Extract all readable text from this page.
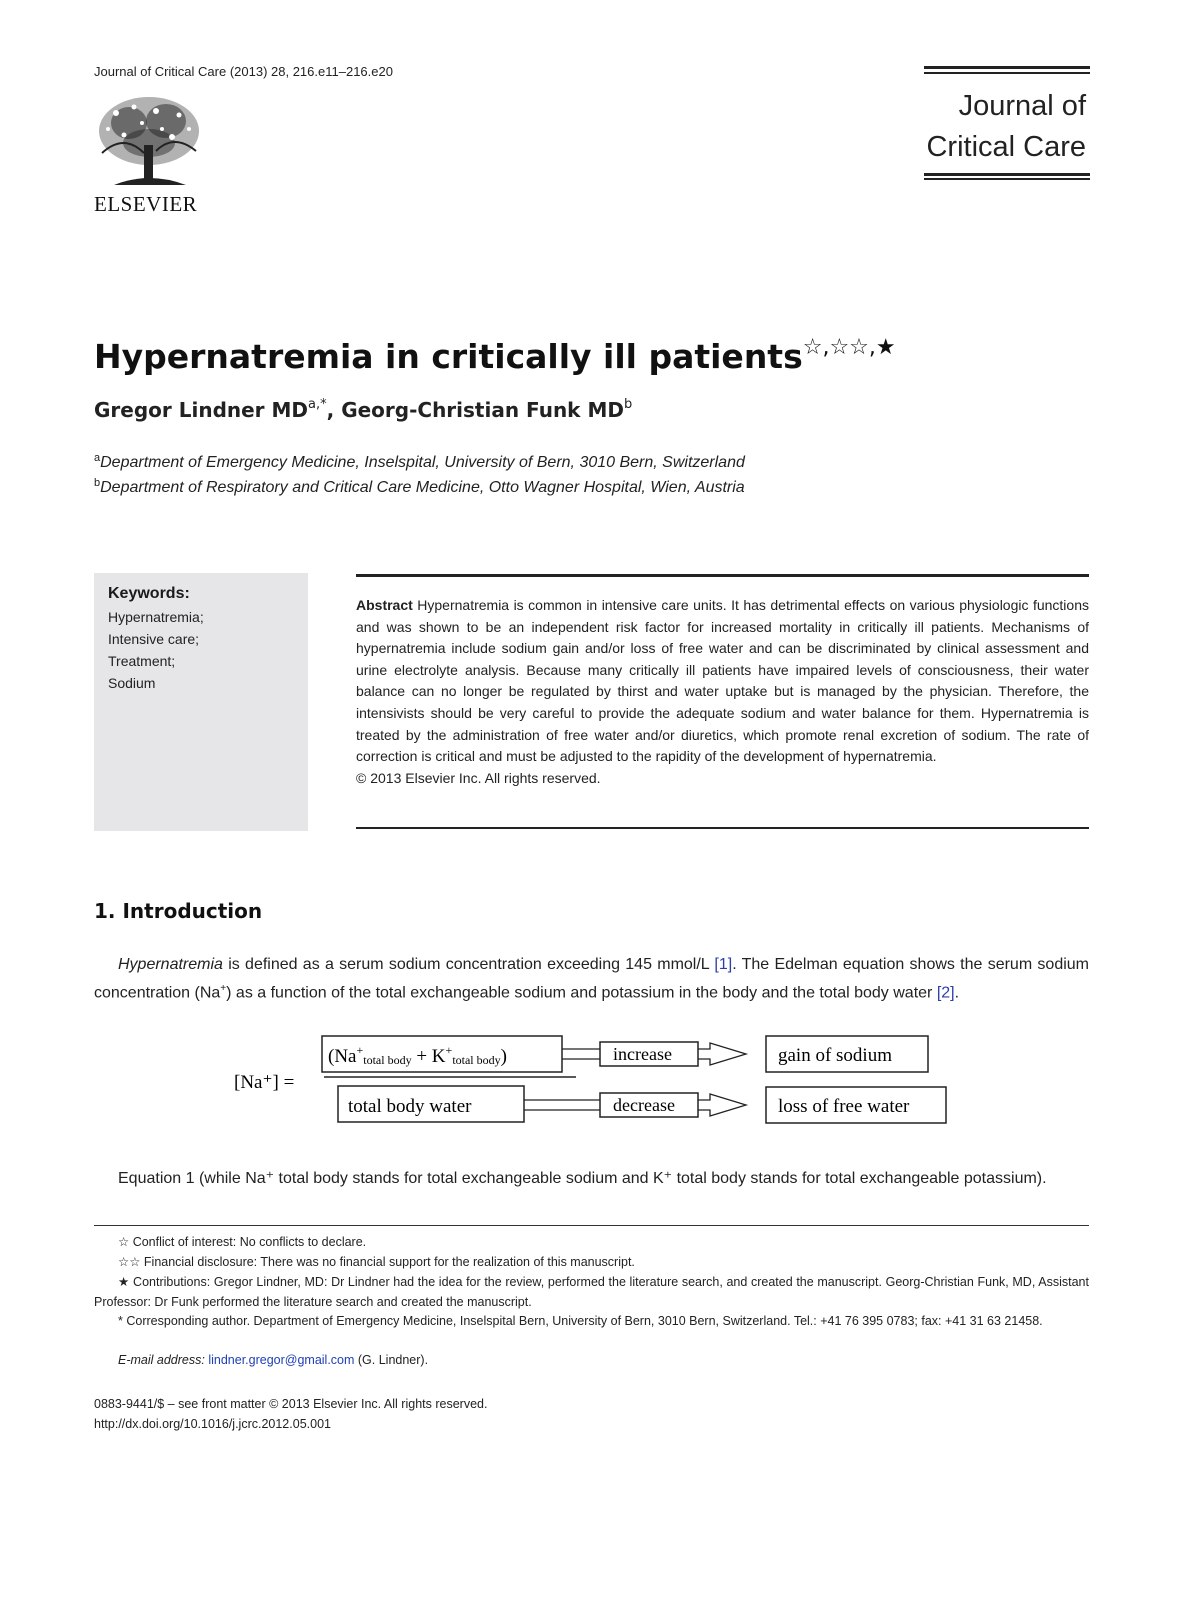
Journal of Critical Care (2013) 28, 216.e11–216.e20
ELSEVIER
Journal of
Critical Care
Hypernatremia in critically ill patients☆,☆☆,★
Gregor Lindner $MD^{a,*}$, Georg-Christian Funk $MD^b$
$^a$Department of Emergency Medicine, Inselspital, University of Bern, 3010 Bern, Switzerland
$^b$Department of Respiratory and Critical Care Medicine, Otto Wagner Hospital, Wien, Austria
Keywords:
Hypernatremia;
Intensive care;
Treatment;
Sodium
Abstract Hypernatremia is common in intensive care units. It has detrimental effects on various physiologic functions and was shown to be an independent risk factor for increased mortality in critically ill patients. Mechanisms of hypernatremia include sodium gain and/or loss of free water and can be discriminated by clinical assessment and urine electrolyte analysis. Because many critically ill patients have impaired levels of consciousness, their water balance can no longer be regulated by thirst and water uptake but is managed by the physician. Therefore, the intensivists should be very careful to provide the adequate sodium and water balance for them. Hypernatremia is treated by the administration of free water and/or diuretics, which promote renal excretion of sodium. The rate of correction is critical and must be adjusted to the rapidity of the development of hypernatremia.
© 2013 Elsevier Inc. All rights reserved.
1. Introduction
Hypernatremia is defined as a serum sodium concentration exceeding 145 mmol/L [1]. The Edelman equation shows the serum sodium concentration (Na+) as a function of the total exchangeable sodium and potassium in the body and the total body water [2].
[Na⁺] =
$(Na^+_{total body} + K^+_{total body})$
total body water
increase	gain of sodium
decrease	loss of free water
Equation 1 (while Na⁺ total body stands for total exchangeable sodium and K⁺ total body stands for total exchangeable potassium).
☆ Conflict of interest: No conflicts to declare.
☆☆ Financial disclosure: There was no financial support for the realization of this manuscript.
★ Contributions: Gregor Lindner, MD: Dr Lindner had the idea for the review, performed the literature search, and created the manuscript. Georg-Christian Funk, MD, Assistant Professor: Dr Funk performed the literature search and created the manuscript.
* Corresponding author. Department of Emergency Medicine, Inselspital Bern, University of Bern, 3010 Bern, Switzerland. Tel.: +41 76 395 0783; fax: +41 31 63 21458.
E-mail address: lindner.gregor@gmail.com (G. Lindner).
0883-9441/$ – see front matter © 2013 Elsevier Inc. All rights reserved.
http://dx.doi.org/10.1016/j.jcrc.2012.05.001
